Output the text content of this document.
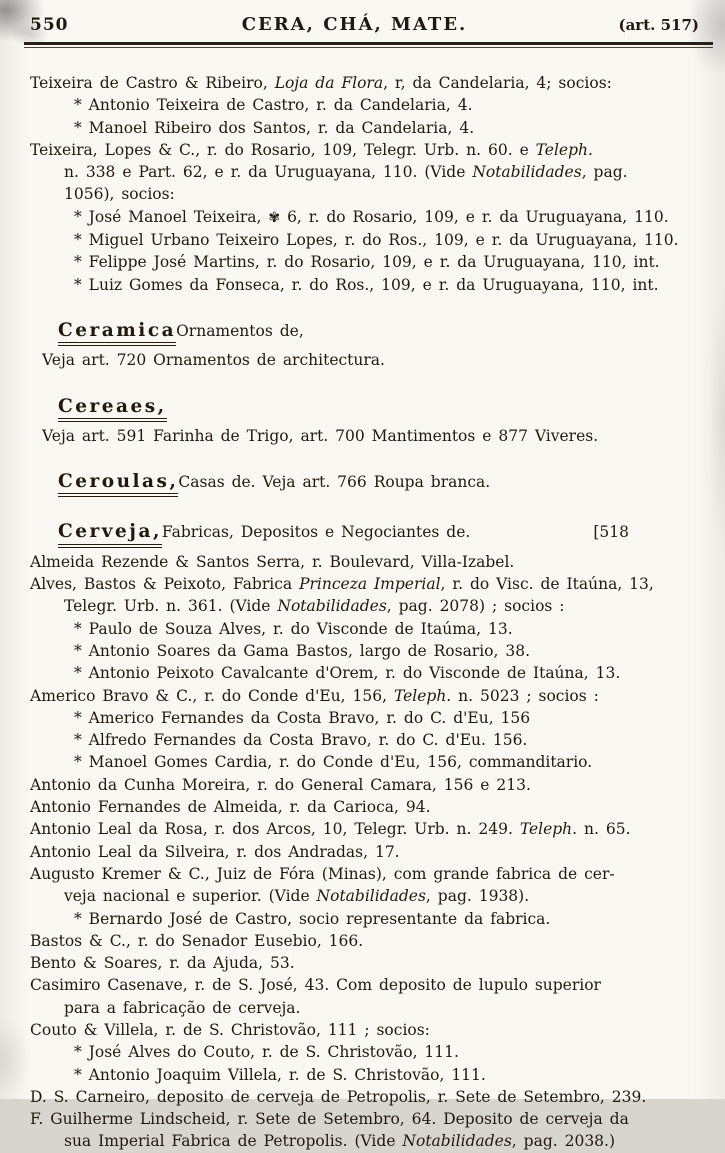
550	CERA, CHÁ, MATE.	(art. 517)
Teixeira de Castro & Ribeiro, Loja da Flora, r, da Candelaria, 4; socios:
* Antonio Teixeira de Castro, r. da Candelaria, 4.
* Manoel Ribeiro dos Santos, r. da Candelaria, 4.
Teixeira, Lopes & C., r. do Rosario, 109, Telegr. Urb. n. 60. e Teleph.
n. 338 e Part. 62, e r. da Uruguayana, 110. (Vide Notabilidades, pag.
1056), socios:
* José Manoel Teixeira, ✾ 6, r. do Rosario, 109, e r. da Uruguayana, 110.
* Miguel Urbano Teixeiro Lopes, r. do Ros., 109, e r. da Uruguayana, 110.
* Felippe José Martins, r. do Rosario, 109, e r. da Uruguayana, 110, int.
* Luiz Gomes da Fonseca, r. do Ros., 109, e r. da Uruguayana, 110, int.
Ceramica Ornamentos de,
Veja art. 720 Ornamentos de architectura.
Cereaes,
Veja art. 591 Farinha de Trigo, art. 700 Mantimentos e 877 Viveres.
Ceroulas, Casas de. Veja art. 766 Roupa branca.
Cerveja, Fabricas, Depositos e Negociantes de.	[518
Almeida Rezende & Santos Serra, r. Boulevard, Villa-Izabel.
Alves, Bastos & Peixoto, Fabrica Princeza Imperial, r. do Visc. de Itaúna, 13,
Telegr. Urb. n. 361. (Vide Notabilidades, pag. 2078) ; socios :
* Paulo de Souza Alves, r. do Visconde de Itaúma, 13.
* Antonio Soares da Gama Bastos, largo de Rosario, 38.
* Antonio Peixoto Cavalcante d'Orem, r. do Visconde de Itaúna, 13.
Americo Bravo & C., r. do Conde d'Eu, 156, Teleph. n. 5023 ; socios :
* Americo Fernandes da Costa Bravo, r. do C. d'Eu, 156
* Alfredo Fernandes da Costa Bravo, r. do C. d'Eu. 156.
* Manoel Gomes Cardia, r. do Conde d'Eu, 156, commanditario.
Antonio da Cunha Moreira, r. do General Camara, 156 e 213.
Antonio Fernandes de Almeida, r. da Carioca, 94.
Antonio Leal da Rosa, r. dos Arcos, 10, Telegr. Urb. n. 249. Teleph. n. 65.
Antonio Leal da Silveira, r. dos Andradas, 17.
Augusto Kremer & C., Juiz de Fóra (Minas), com grande fabrica de cer-
veja nacional e superior. (Vide Notabilidades, pag. 1938).
* Bernardo José de Castro, socio representante da fabrica.
Bastos & C., r. do Senador Eusebio, 166.
Bento & Soares, r. da Ajuda, 53.
Casimiro Casenave, r. de S. José, 43. Com deposito de lupulo superior
para a fabricação de cerveja.
Couto & Villela, r. de S. Christovão, 111 ; socios:
* José Alves do Couto, r. de S. Christovão, 111.
* Antonio Joaquim Villela, r. de S. Christovão, 111.
D. S. Carneiro, deposito de cerveja de Petropolis, r. Sete de Setembro, 239.
F. Guilherme Lindscheid, r. Sete de Setembro, 64. Deposito de cerveja da
sua Imperial Fabrica de Petropolis. (Vide Notabilidades, pag. 2038.)
